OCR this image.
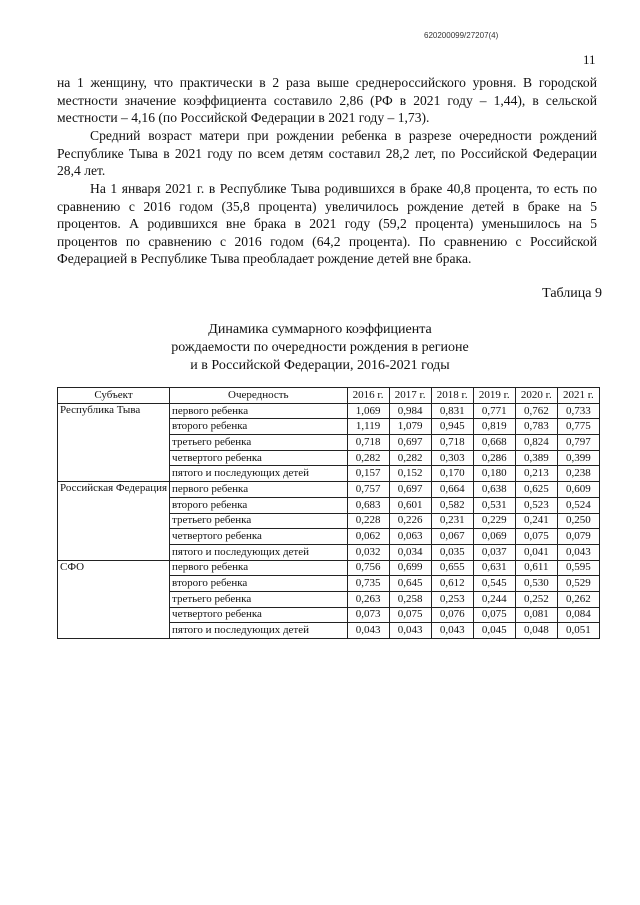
620200099/27207(4)
11

на 1 женщину, что практически в 2 раза выше среднероссийского уровня. В городской местности значение коэффициента составило 2,86 (РФ в 2021 году – 1,44), в сельской местности – 4,16 (по Российской Федерации в 2021 году – 1,73).

Средний возраст матери при рождении ребенка в разрезе очередности рождений Республике Тыва в 2021 году по всем детям составил 28,2 лет, по Российской Федерации 28,4 лет.

На 1 января 2021 г. в Республике Тыва родившихся в браке 40,8 процента, то есть по сравнению с 2016 годом (35,8 процента) увеличилось рождение детей в браке на 5 процентов. А родившихся вне брака в 2021 году (59,2 процента) уменьшилось на 5 процентов по сравнению с 2016 годом (64,2 процента). По сравнению с Российской Федерацией в Республике Тыва преобладает рождение детей вне брака.

Таблица 9
Динамика суммарного коэффициента
рождаемости по очередности рождения в регионе
и в Российской Федерации, 2016-2021 годы
Субъект	Очередность	2016 г.	2017 г.	2018 г.	2019 г.	2020 г.	2021 г.
Республика Тыва	первого ребенка	1,069	0,984	0,831	0,771	0,762	0,733
	второго ребенка	1,119	1,079	0,945	0,819	0,783	0,775
	третьего ребенка	0,718	0,697	0,718	0,668	0,824	0,797
	четвертого ребенка	0,282	0,282	0,303	0,286	0,389	0,399
	пятого и последующих детей	0,157	0,152	0,170	0,180	0,213	0,238
Российская Федерация	первого ребенка	0,757	0,697	0,664	0,638	0,625	0,609
	второго ребенка	0,683	0,601	0,582	0,531	0,523	0,524
	третьего ребенка	0,228	0,226	0,231	0,229	0,241	0,250
	четвертого ребенка	0,062	0,063	0,067	0,069	0,075	0,079
	пятого и последующих детей	0,032	0,034	0,035	0,037	0,041	0,043
СФО	первого ребенка	0,756	0,699	0,655	0,631	0,611	0,595
	второго ребенка	0,735	0,645	0,612	0,545	0,530	0,529
	третьего ребенка	0,263	0,258	0,253	0,244	0,252	0,262
	четвертого ребенка	0,073	0,075	0,076	0,075	0,081	0,084
	пятого и последующих детей	0,043	0,043	0,043	0,045	0,048	0,051
